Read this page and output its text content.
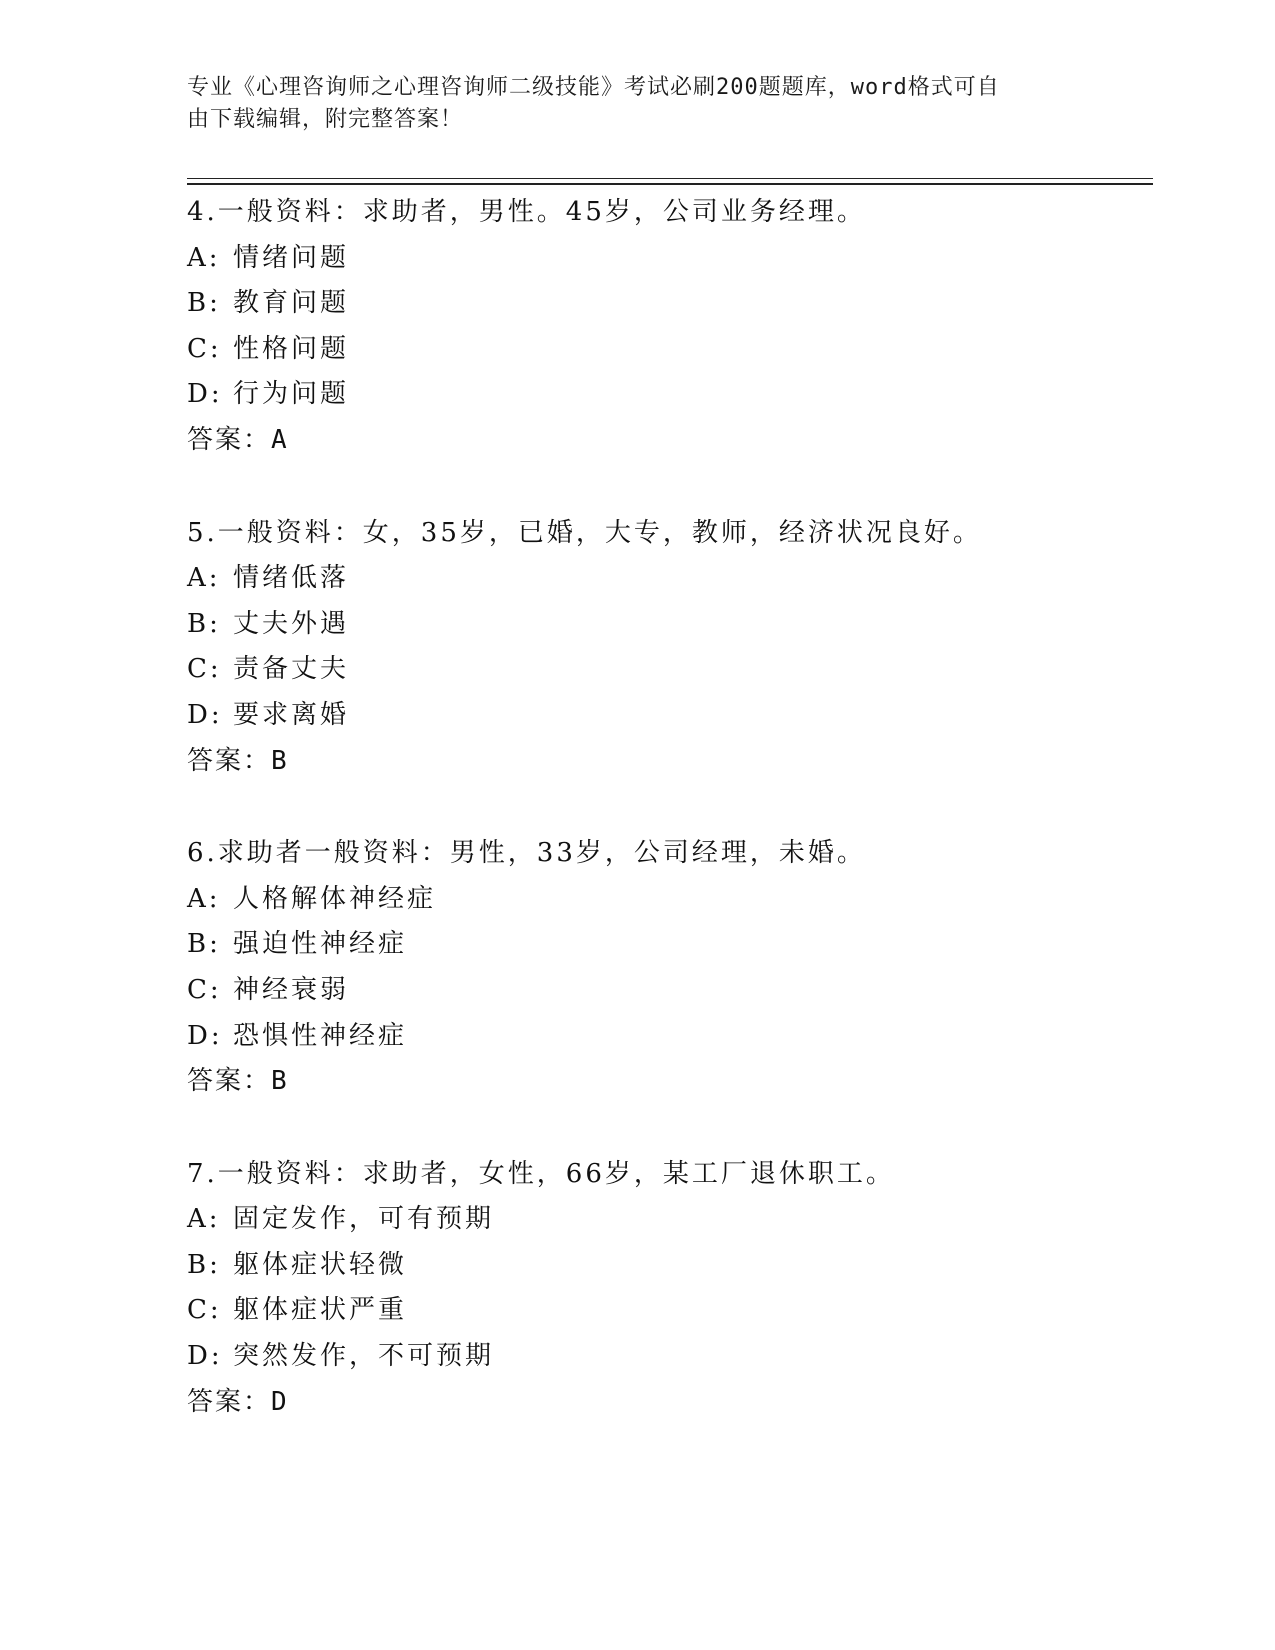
专业《心理咨询师之心理咨询师二级技能》考试必刷200题题库，word格式可自
由下载编辑，附完整答案！
4.一般资料：求助者，男性。45岁，公司业务经理。
A: 情绪问题
B: 教育问题
C: 性格问题
D: 行为问题
答案：A
5.一般资料：女，35岁，已婚，大专，教师，经济状况良好。
A: 情绪低落
B: 丈夫外遇
C: 责备丈夫
D: 要求离婚
答案：B
6.求助者一般资料：男性，33岁，公司经理，未婚。
A: 人格解体神经症
B: 强迫性神经症
C: 神经衰弱
D: 恐惧性神经症
答案：B
7.一般资料：求助者，女性，66岁，某工厂退休职工。
A: 固定发作，可有预期
B: 躯体症状轻微
C: 躯体症状严重
D: 突然发作，不可预期
答案：D
